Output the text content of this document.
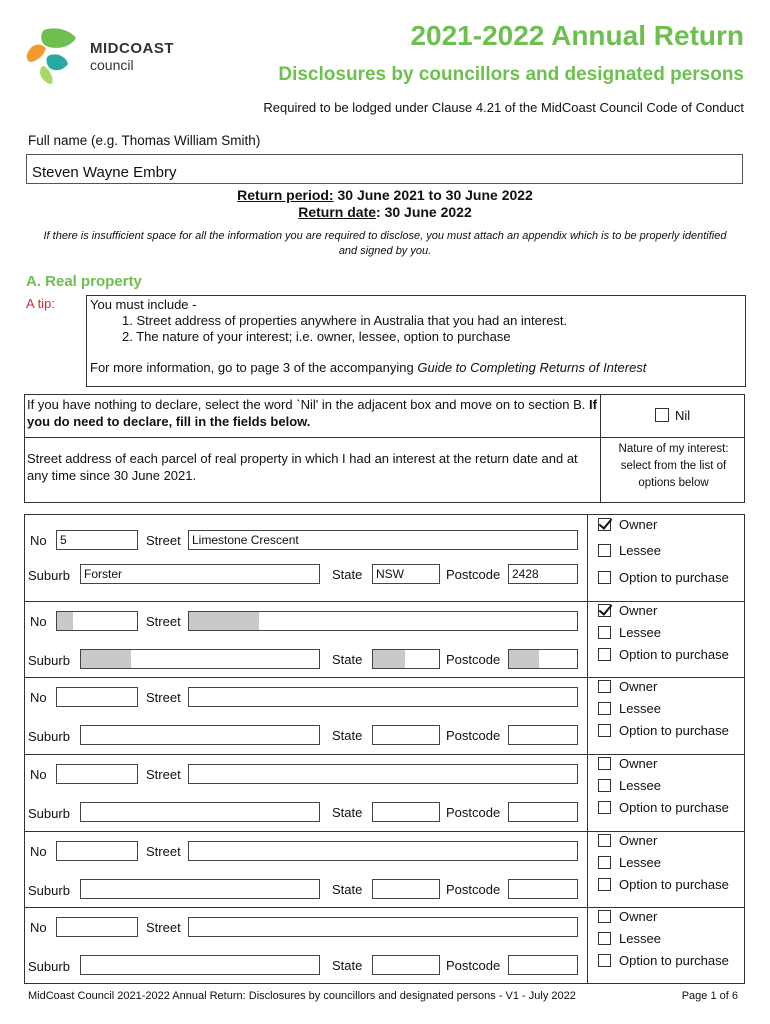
MIDCOAST
council
2021-2022 Annual Return
Disclosures by councillors and designated persons
Required to be lodged under Clause 4.21 of the MidCoast Council Code of Conduct
Full name (e.g. Thomas William Smith)
Steven Wayne Embry
Return period: 30 June 2021 to 30 June 2022
Return date: 30 June 2022
If there is insufficient space for all the information you are required to disclose, you must attach an appendix which is to be properly identified and signed by you.
A. Real property
A tip:	You must include -
1. Street address of properties anywhere in Australia that you had an interest.
2. The nature of your interest; i.e. owner, lessee, option to purchase
For more information, go to page 3 of the accompanying Guide to Completing Returns of Interest
If you have nothing to declare, select the word `Nil' in the adjacent box and move on to section B. If you do need to declare, fill in the fields below.	Nil
Street address of each parcel of real property in which I had an interest at the return date and at any time since 30 June 2021.
Nature of my interest: select from the list of options below
No	5	Street Limestone Crescent
Suburb	Forster	State	NSW	Postcode 2428
Owner
Lessee
Option to purchase
No	Street
Suburb	State	Postcode
Owner
Lessee
Option to purchase
No	Street
Suburb	State	Postcode
Owner
Lessee
Option to purchase
No	Street
Suburb	State	Postcode
Owner
Lessee
Option to purchase
No	Street
Suburb	State	Postcode
Owner
Lessee
Option to purchase
No	Street
Suburb	State	Postcode
Owner
Lessee
Option to purchase
MidCoast Council 2021-2022 Annual Return: Disclosures by councillors and designated persons - V1 - July 2022	Page 1 of 6
